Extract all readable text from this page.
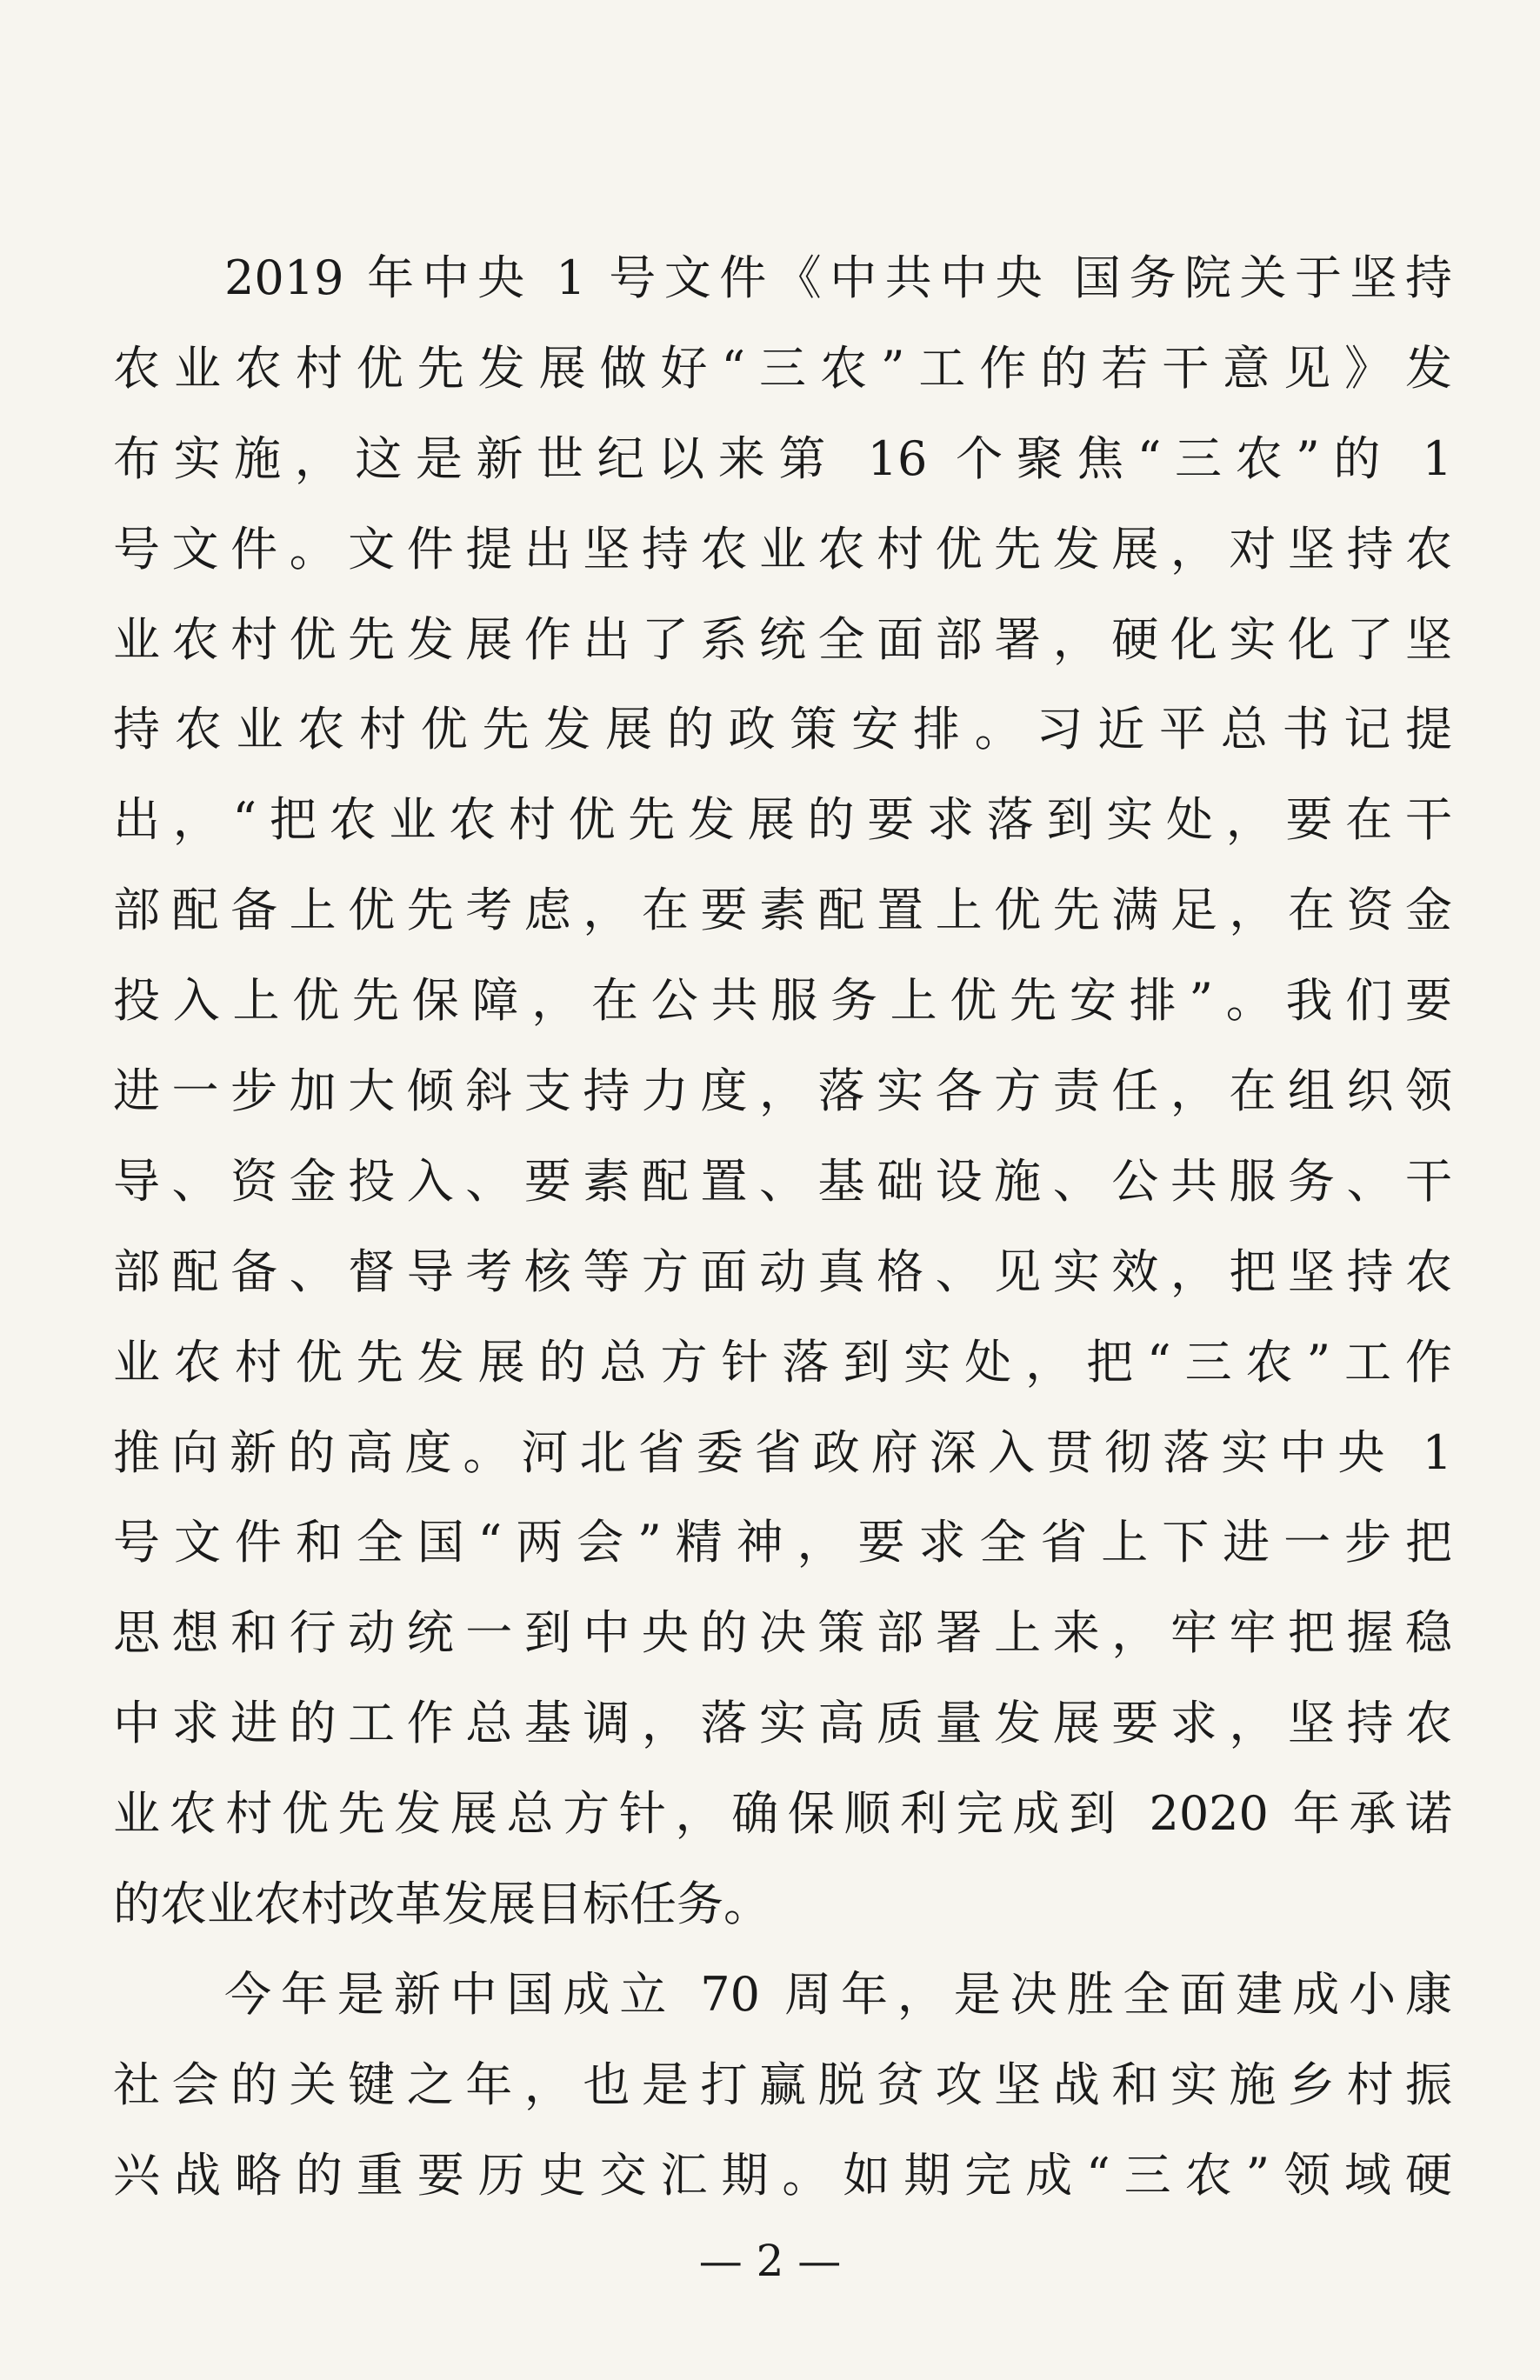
2019 年中央 1 号文件《中共中央 国务院关于坚持
农业农村优先发展做好“三农”工作的若干意见》发
布实施，这是新世纪以来第 16 个聚焦“三农”的 1
号文件。文件提出坚持农业农村优先发展，对坚持农
业农村优先发展作出了系统全面部署，硬化实化了坚
持农业农村优先发展的政策安排。习近平总书记提
出，“把农业农村优先发展的要求落到实处，要在干
部配备上优先考虑，在要素配置上优先满足，在资金
投入上优先保障，在公共服务上优先安排”。我们要
进一步加大倾斜支持力度，落实各方责任，在组织领
导、资金投入、要素配置、基础设施、公共服务、干
部配备、督导考核等方面动真格、见实效，把坚持农
业农村优先发展的总方针落到实处，把“三农”工作
推向新的高度。河北省委省政府深入贯彻落实中央 1
号文件和全国“两会”精神，要求全省上下进一步把
思想和行动统一到中央的决策部署上来，牢牢把握稳
中求进的工作总基调，落实高质量发展要求，坚持农
业农村优先发展总方针，确保顺利完成到 2020 年承诺
的农业农村改革发展目标任务。
今年是新中国成立 70 周年，是决胜全面建成小康
社会的关键之年，也是打赢脱贫攻坚战和实施乡村振
兴战略的重要历史交汇期。如期完成“三农”领域硬
— 2 —
